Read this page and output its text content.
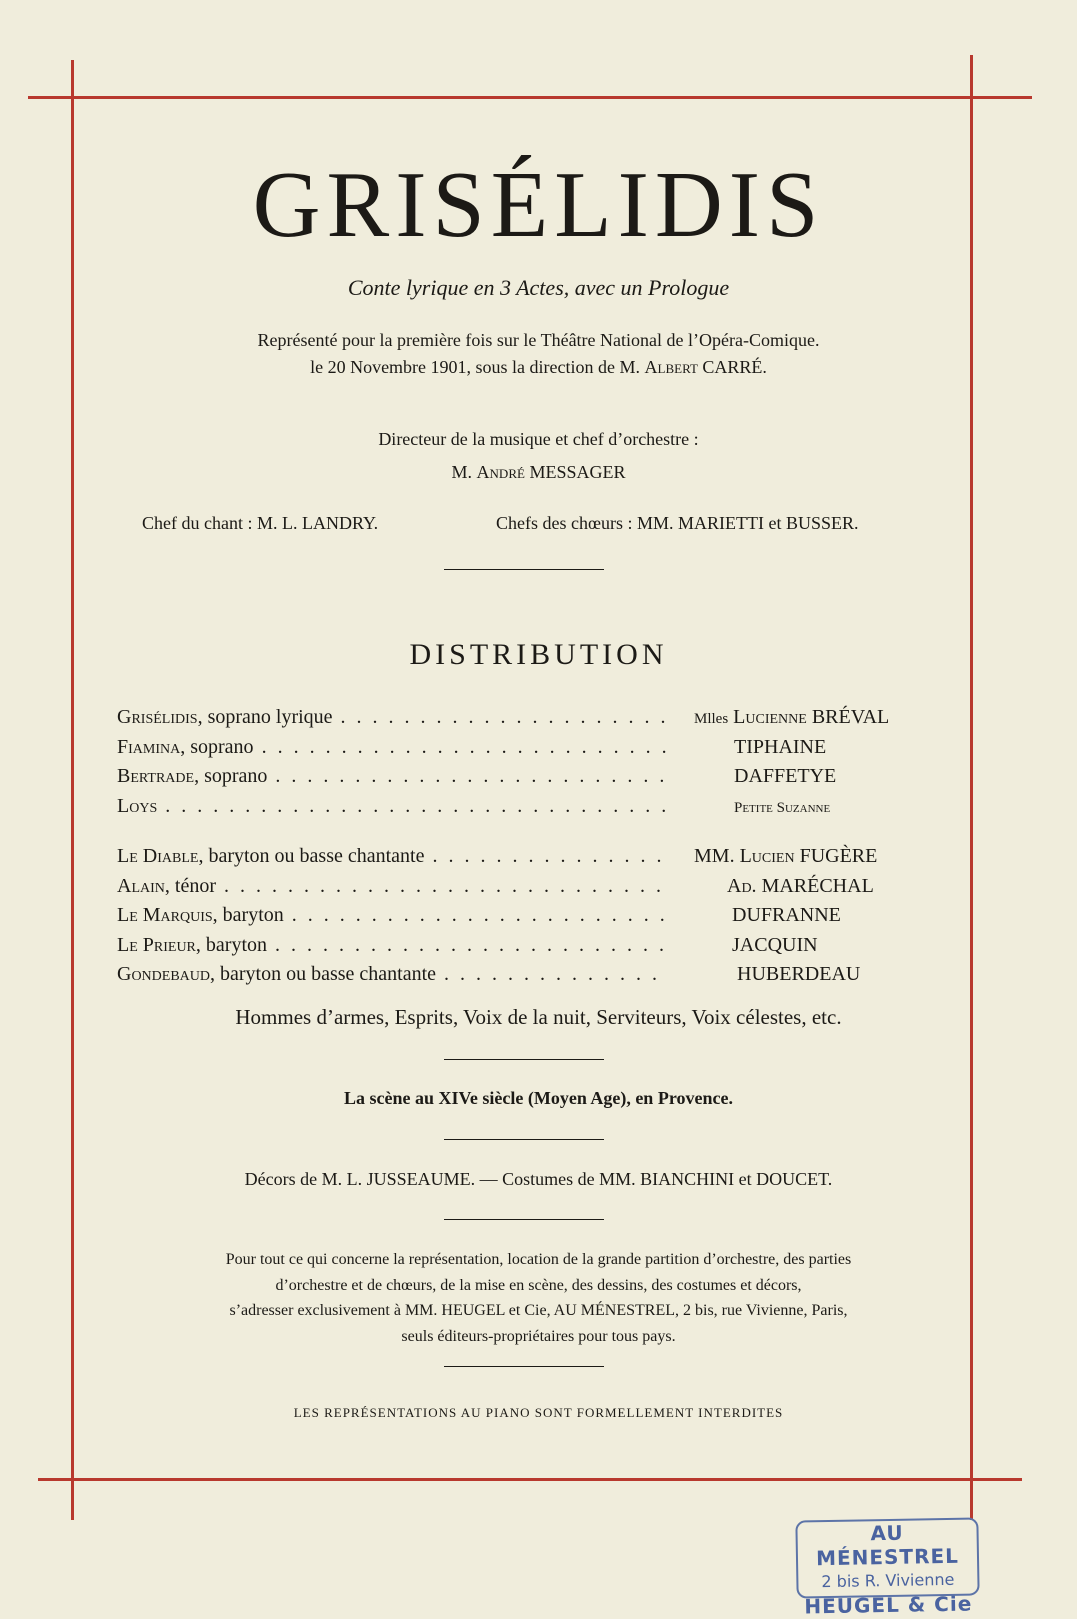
GRISÉLIDIS
Conte lyrique en 3 Actes, avec un Prologue
Représenté pour la première fois sur le Théâtre National de l’Opéra-Comique.
le 20 Novembre 1901, sous la direction de M. Albert CARRÉ.
Directeur de la musique et chef d’orchestre :
M. André MESSAGER
Chef du chant : M. L. LANDRY.	Chefs des chœurs : MM. MARIETTI et BUSSER.
DISTRIBUTION
Grisélidis, soprano lyrique . . .	Mlles Lucienne BRÉVAL
Fiamina, soprano . . .	TIPHAINE
Bertrade, soprano . . .	DAFFETYE
Loys . . .	Petite Suzanne
Le Diable, baryton ou basse chantante . . .	MM. Lucien FUGÈRE
Alain, ténor . . .	Ad. MARÉCHAL
Le Marquis, baryton . . .	DUFRANNE
Le Prieur, baryton . . .	JACQUIN
Gondebaud, baryton ou basse chantante . . .	HUBERDEAU
Hommes d’armes, Esprits, Voix de la nuit, Serviteurs, Voix célestes, etc.
La scène au XIVe siècle (Moyen Age), en Provence.
Décors de M. L. JUSSEAUME. — Costumes de MM. BIANCHINI et DOUCET.
Pour tout ce qui concerne la représentation, location de la grande partition d’orchestre, des parties
d’orchestre et de chœurs, de la mise en scène, des dessins, des costumes et décors,
s’adresser exclusivement à MM. HEUGEL et Cie, AU MÉNESTREL, 2 bis, rue Vivienne, Paris,
seuls éditeurs-propriétaires pour tous pays.
LES REPRÉSENTATIONS AU PIANO SONT FORMELLEMENT INTERDITES
AU MÉNESTREL
2 bis R. Vivienne
HEUGEL & Cie
